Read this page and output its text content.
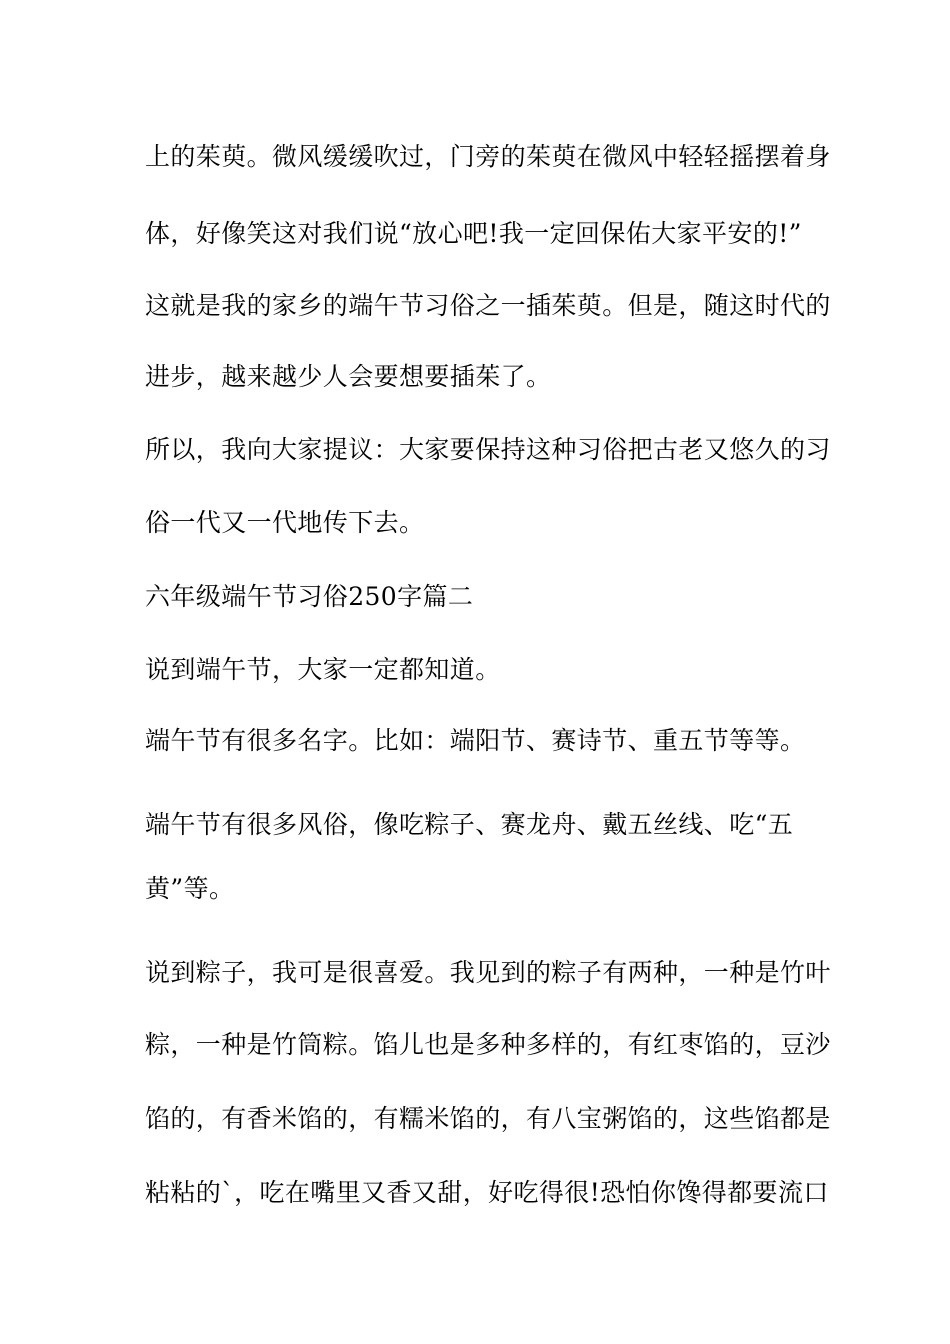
上的茱萸。微风缓缓吹过，门旁的茱萸在微风中轻轻摇摆着身
体，好像笑这对我们说“放心吧!我一定回保佑大家平安的!”
这就是我的家乡的端午节习俗之一插茱萸。但是，随这时代的
进步，越来越少人会要想要插茱了。
所以，我向大家提议：大家要保持这种习俗把古老又悠久的习
俗一代又一代地传下去。
六年级端午节习俗250字篇二
说到端午节，大家一定都知道。
端午节有很多名字。比如：端阳节、赛诗节、重五节等等。
端午节有很多风俗，像吃粽子、赛龙舟、戴五丝线、吃“五
黄”等。
说到粽子，我可是很喜爱。我见到的粽子有两种，一种是竹叶
粽，一种是竹筒粽。馅儿也是多种多样的，有红枣馅的，豆沙
馅的，有香米馅的，有糯米馅的，有八宝粥馅的，这些馅都是
粘粘的`，吃在嘴里又香又甜，好吃得很!恐怕你馋得都要流口
